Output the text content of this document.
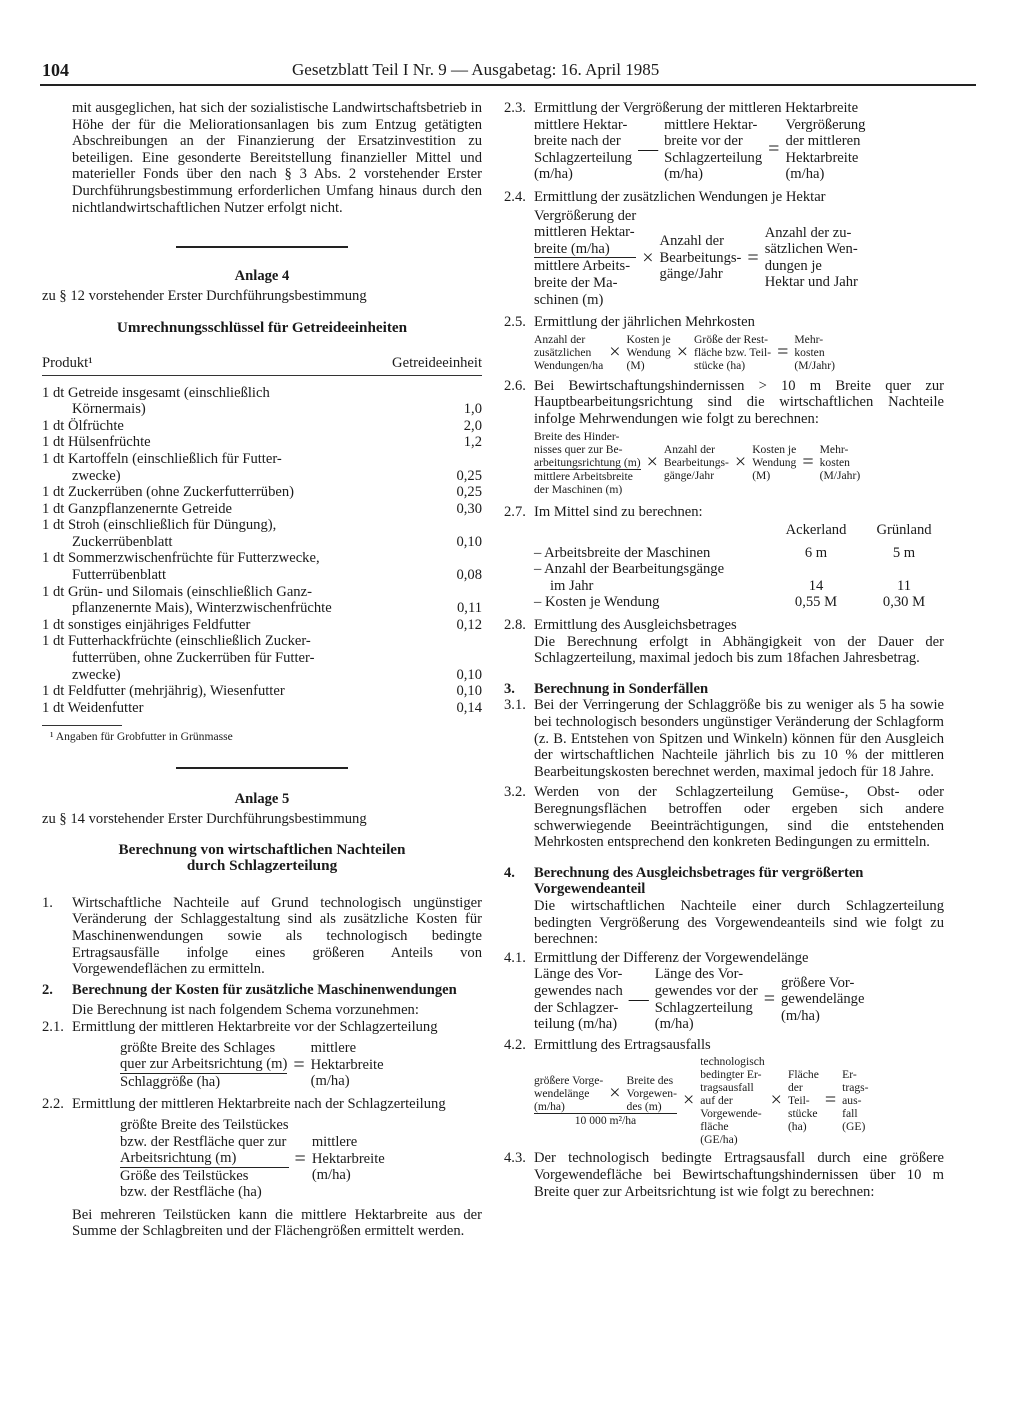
104	Gesetzblatt Teil I Nr. 9 — Ausgabetag: 16. April 1985

mit ausgeglichen, hat sich der sozialistische Landwirtschaftsbetrieb in Höhe der für die Meliorationsanlagen bis zum Entzug getätigten Abschreibungen an der Finanzierung der Ersatzinvestition zu beteiligen. Eine gesonderte Bereitstellung finanzieller Mittel und materieller Fonds über den nach § 3 Abs. 2 vorstehender Erster Durchführungsbestimmung erforderlichen Umfang hinaus durch den nichtlandwirtschaftlichen Nutzer erfolgt nicht.

Anlage 4
zu § 12 vorstehender Erster Durchführungsbestimmung
Umrechnungsschlüssel für Getreideeinheiten
Produkt¹	Getreideeinheit
1 dt Getreide insgesamt (einschließlich
Körnermais)	1,0
1 dt Ölfrüchte	2,0
1 dt Hülsenfrüchte	1,2
1 dt Kartoffeln (einschließlich für Futter-
zwecke)	0,25
1 dt Zuckerrüben (ohne Zuckerfutterrüben)	0,25
1 dt Ganzpflanzenernte Getreide	0,30
1 dt Stroh (einschließlich für Düngung),
Zuckerrübenblatt	0,10
1 dt Sommerzwischenfrüchte für Futterzwecke,
Futterrübenblatt	0,08
1 dt Grün- und Silomais (einschließlich Ganz-
pflanzenernte Mais), Winterzwischenfrüchte	0,11
1 dt sonstiges einjähriges Feldfutter	0,12
1 dt Futterhackfrüchte (einschließlich Zucker-
futterrüben, ohne Zuckerrüben für Futter-
zwecke)	0,10
1 dt Feldfutter (mehrjährig), Wiesenfutter	0,10
1 dt Weidenfutter	0,14
¹ Angaben für Grobfutter in Grünmasse
Anlage 5
zu § 14 vorstehender Erster Durchführungsbestimmung
Berechnung von wirtschaftlichen Nachteilen
durch Schlagzerteilung
1.	Wirtschaftliche Nachteile auf Grund technologisch ungünstiger Veränderung der Schlaggestaltung sind als zusätzliche Kosten für Maschinenwendungen sowie als technologisch bedingte Ertragsausfälle infolge eines größeren Anteils von Vorgewendeflächen zu ermitteln.

2.	Berechnung der Kosten für zusätzliche Maschinenwendungen
Die Berechnung ist nach folgendem Schema vorzunehmen:
2.1. Ermittlung der mittleren Hektarbreite vor der Schlagzerteilung
größte Breite des Schlages
quer zur Arbeitsrichtung (m)
Schlaggröße (ha)
=
mittlere
Hektarbreite
(m/ha)
2.2. Ermittlung der mittleren Hektarbreite nach der Schlagzerteilung
größte Breite des Teilstückes
bzw. der Restfläche quer zur
Arbeitsrichtung (m)
Größe des Teilstückes
bzw. der Restfläche (ha)
=
mittlere
Hektarbreite
(m/ha)

Bei mehreren Teilstücken kann die mittlere Hektarbreite aus der Summe der Schlagbreiten und der Flächengrößen ermittelt werden.

2.3. Ermittlung der Vergrößerung der mittleren Hektarbreite
mittlere Hektar-
breite nach der
Schlagzerteilung
(m/ha)
—
mittlere Hektar-
breite vor der
Schlagzerteilung
(m/ha)
=
Vergrößerung
der mittleren
Hektarbreite
(m/ha)
2.4. Ermittlung der zusätzlichen Wendungen je Hektar
Vergrößerung der
mittleren Hektar-
breite (m/ha)
mittlere Arbeits-
breite der Ma-
schinen (m)
×
Anzahl der
Bearbeitungs-
gänge/Jahr
=
Anzahl der zu-
sätzlichen Wen-
dungen je
Hektar und Jahr
2.5. Ermittlung der jährlichen Mehrkosten
Anzahl der
zusätzlichen
Wendungen/ha
×
Kosten je
Wendung
(M)
×
Größe der Rest-
fläche bzw. Teil-
stücke (ha)
=
Mehr-
kosten
(M/Jahr)
2.6. Bei Bewirtschaftungshindernissen > 10 m Breite quer zur Hauptbearbeitungsrichtung sind die wirtschaftlichen Nachteile infolge Mehrwendungen wie folgt zu berechnen:

Breite des Hinder-
nisses quer zur Be-
arbeitungsrichtung (m)
mittlere Arbeitsbreite
der Maschinen (m)
×
Anzahl der
Bearbeitungs-
gänge/Jahr
×
Kosten je
Wendung
(M)
=
Mehr-
kosten
(M/Jahr)
2.7. Im Mittel sind zu berechnen:
	Ackerland	Grünland
– Arbeitsbreite der Maschinen	6 m	5 m

– Anzahl der Bearbeitungsgänge
im Jahr	14	11
– Kosten je Wendung	0,55 M	0,30 M
2.8. Ermittlung des Ausgleichsbetrages

Die Berechnung erfolgt in Abhängigkeit von der Dauer der Schlagzerteilung, maximal jedoch bis zum 18fachen Jahresbetrag.

3.	Berechnung in Sonderfällen
3.1. Bei der Verringerung der Schlaggröße bis zu weniger als 5 ha sowie bei technologisch besonders ungünstiger Veränderung der Schlagform (z. B. Entstehen von Spitzen und Winkeln) können für den Ausgleich der wirtschaftlichen Nachteile jährlich bis zu 10 % der mittleren Bearbeitungskosten berechnet werden, maximal jedoch für 18 Jahre.

3.2. Werden von der Schlagzerteilung Gemüse-, Obst- oder Beregnungsflächen betroffen oder ergeben sich andere schwerwiegende Beeinträchtigungen, sind die entstehenden Mehrkosten entsprechend den konkreten Bedingungen zu ermitteln.

4.	Berechnung des Ausgleichsbetrages für vergrößerten Vorgewendeanteil

Die wirtschaftlichen Nachteile einer durch Schlagzerteilung bedingten Vergrößerung des Vorgewendeanteils sind wie folgt zu berechnen:

4.1. Ermittlung der Differenz der Vorgewendelänge
Länge des Vor-
gewendes nach
der Schlagzer-
teilung (m/ha)
—
Länge des Vor-
gewendes vor der
Schlagzerteilung
(m/ha)
=
größere Vor-
gewendelänge
(m/ha)
4.2. Ermittlung des Ertragsausfalls
größere Vorge-
wendelänge
(m/ha)
×
Breite des
Vorgewen-
des (m)
10 000 m²/ha
×
technologisch
bedingter Er-
tragsausfall
auf der
Vorgewende-
fläche
(GE/ha)
×
Fläche
der
Teil-
stücke
(ha)
=
Er-
trags-
aus-
fall
(GE)
4.3. Der technologisch bedingte Ertragsausfall durch eine größere Vorgewendefläche bei Bewirtschaftungshindernissen über 10 m Breite quer zur Arbeitsrichtung ist wie folgt zu berechnen:
